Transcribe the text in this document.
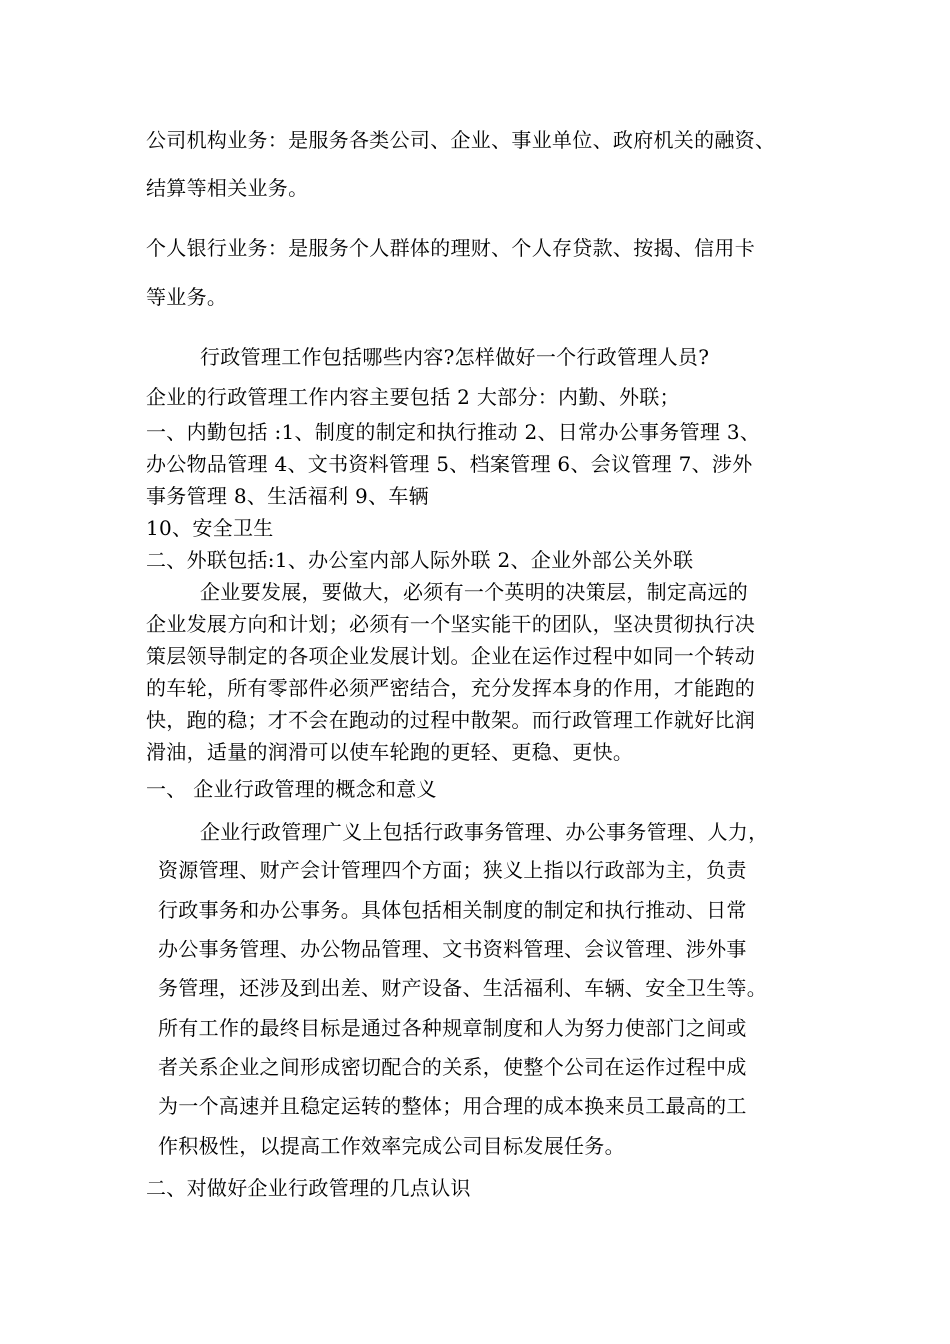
公司机构业务：是服务各类公司、企业、事业单位、政府机关的融资、
结算等相关业务。
个人银行业务：是服务个人群体的理财、个人存贷款、按揭、信用卡
等业务。
行政管理工作包括哪些内容?怎样做好一个行政管理人员?
企业的行政管理工作内容主要包括 2 大部分：内勤、外联；
一、内勤包括 :1、制度的制定和执行推动 2、日常办公事务管理 3、
办公物品管理 4、文书资料管理 5、档案管理 6、会议管理 7、涉外
事务管理 8、生活福利 9、车辆
10、安全卫生
二、外联包括:1、办公室内部人际外联 2、企业外部公关外联
企业要发展，要做大，必须有一个英明的决策层，制定高远的
企业发展方向和计划；必须有一个坚实能干的团队，坚决贯彻执行决
策层领导制定的各项企业发展计划。企业在运作过程中如同一个转动
的车轮，所有零部件必须严密结合，充分发挥本身的作用，才能跑的
快，跑的稳；才不会在跑动的过程中散架。而行政管理工作就好比润
滑油，适量的润滑可以使车轮跑的更轻、更稳、更快。
一、 企业行政管理的概念和意义
企业行政管理广义上包括行政事务管理、办公事务管理、人力，
资源管理、财产会计管理四个方面；狭义上指以行政部为主，负责
行政事务和办公事务。具体包括相关制度的制定和执行推动、日常
办公事务管理、办公物品管理、文书资料管理、会议管理、涉外事
务管理，还涉及到出差、财产设备、生活福利、车辆、安全卫生等。
所有工作的最终目标是通过各种规章制度和人为努力使部门之间或
者关系企业之间形成密切配合的关系，使整个公司在运作过程中成
为一个高速并且稳定运转的整体；用合理的成本换来员工最高的工
作积极性，以提高工作效率完成公司目标发展任务。
二、对做好企业行政管理的几点认识
